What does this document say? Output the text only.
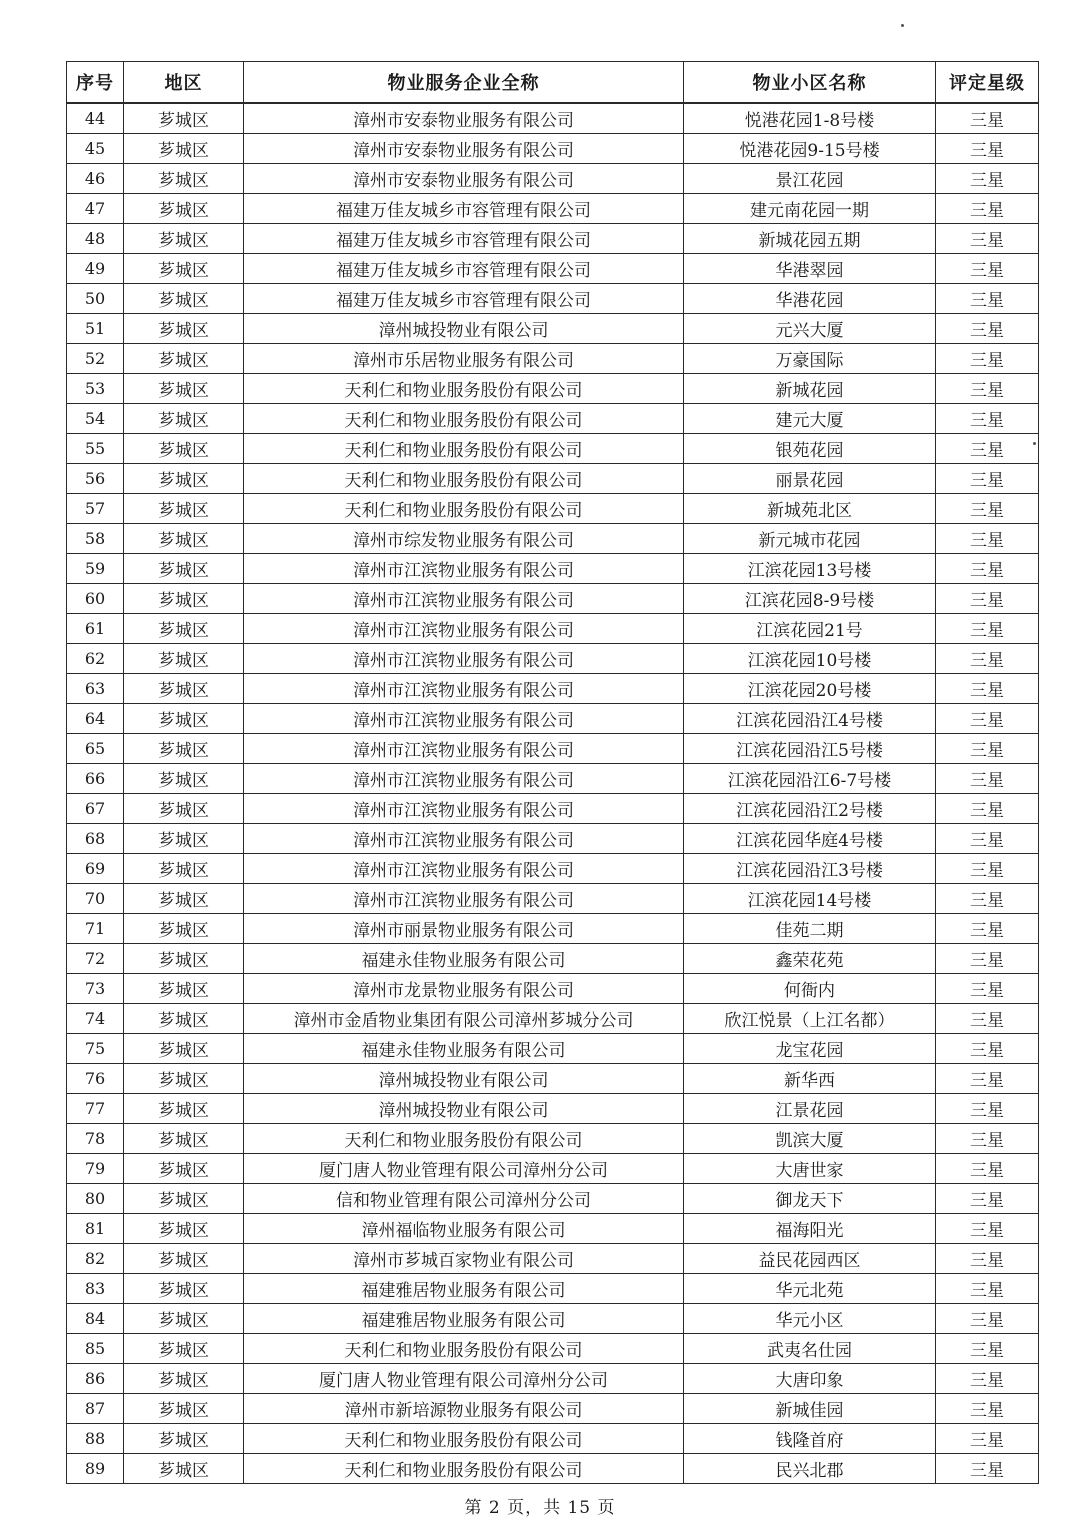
序号	地区	物业服务企业全称	物业小区名称	评定星级
44	芗城区	漳州市安泰物业服务有限公司	悦港花园1-8号楼	三星
45	芗城区	漳州市安泰物业服务有限公司	悦港花园9-15号楼	三星
46	芗城区	漳州市安泰物业服务有限公司	景江花园	三星
47	芗城区	福建万佳友城乡市容管理有限公司	建元南花园一期	三星
48	芗城区	福建万佳友城乡市容管理有限公司	新城花园五期	三星
49	芗城区	福建万佳友城乡市容管理有限公司	华港翠园	三星
50	芗城区	福建万佳友城乡市容管理有限公司	华港花园	三星
51	芗城区	漳州城投物业有限公司	元兴大厦	三星
52	芗城区	漳州市乐居物业服务有限公司	万豪国际	三星
53	芗城区	天利仁和物业服务股份有限公司	新城花园	三星
54	芗城区	天利仁和物业服务股份有限公司	建元大厦	三星
55	芗城区	天利仁和物业服务股份有限公司	银苑花园	三星
56	芗城区	天利仁和物业服务股份有限公司	丽景花园	三星
57	芗城区	天利仁和物业服务股份有限公司	新城苑北区	三星
58	芗城区	漳州市综发物业服务有限公司	新元城市花园	三星
59	芗城区	漳州市江滨物业服务有限公司	江滨花园13号楼	三星
60	芗城区	漳州市江滨物业服务有限公司	江滨花园8-9号楼	三星
61	芗城区	漳州市江滨物业服务有限公司	江滨花园21号	三星
62	芗城区	漳州市江滨物业服务有限公司	江滨花园10号楼	三星
63	芗城区	漳州市江滨物业服务有限公司	江滨花园20号楼	三星
64	芗城区	漳州市江滨物业服务有限公司	江滨花园沿江4号楼	三星
65	芗城区	漳州市江滨物业服务有限公司	江滨花园沿江5号楼	三星
66	芗城区	漳州市江滨物业服务有限公司	江滨花园沿江6-7号楼	三星
67	芗城区	漳州市江滨物业服务有限公司	江滨花园沿江2号楼	三星
68	芗城区	漳州市江滨物业服务有限公司	江滨花园华庭4号楼	三星
69	芗城区	漳州市江滨物业服务有限公司	江滨花园沿江3号楼	三星
70	芗城区	漳州市江滨物业服务有限公司	江滨花园14号楼	三星
71	芗城区	漳州市丽景物业服务有限公司	佳苑二期	三星
72	芗城区	福建永佳物业服务有限公司	鑫荣花苑	三星
73	芗城区	漳州市龙景物业服务有限公司	何衙内	三星
74	芗城区	漳州市金盾物业集团有限公司漳州芗城分公司	欣江悦景（上江名都）	三星
75	芗城区	福建永佳物业服务有限公司	龙宝花园	三星
76	芗城区	漳州城投物业有限公司	新华西	三星
77	芗城区	漳州城投物业有限公司	江景花园	三星
78	芗城区	天利仁和物业服务股份有限公司	凯滨大厦	三星
79	芗城区	厦门唐人物业管理有限公司漳州分公司	大唐世家	三星
80	芗城区	信和物业管理有限公司漳州分公司	御龙天下	三星
81	芗城区	漳州福临物业服务有限公司	福海阳光	三星
82	芗城区	漳州市芗城百家物业有限公司	益民花园西区	三星
83	芗城区	福建雅居物业服务有限公司	华元北苑	三星
84	芗城区	福建雅居物业服务有限公司	华元小区	三星
85	芗城区	天利仁和物业服务股份有限公司	武夷名仕园	三星
86	芗城区	厦门唐人物业管理有限公司漳州分公司	大唐印象	三星
87	芗城区	漳州市新培源物业服务有限公司	新城佳园	三星
88	芗城区	天利仁和物业服务股份有限公司	钱隆首府	三星
89	芗城区	天利仁和物业服务股份有限公司	民兴北郡	三星
第 2 页，共 15 页
